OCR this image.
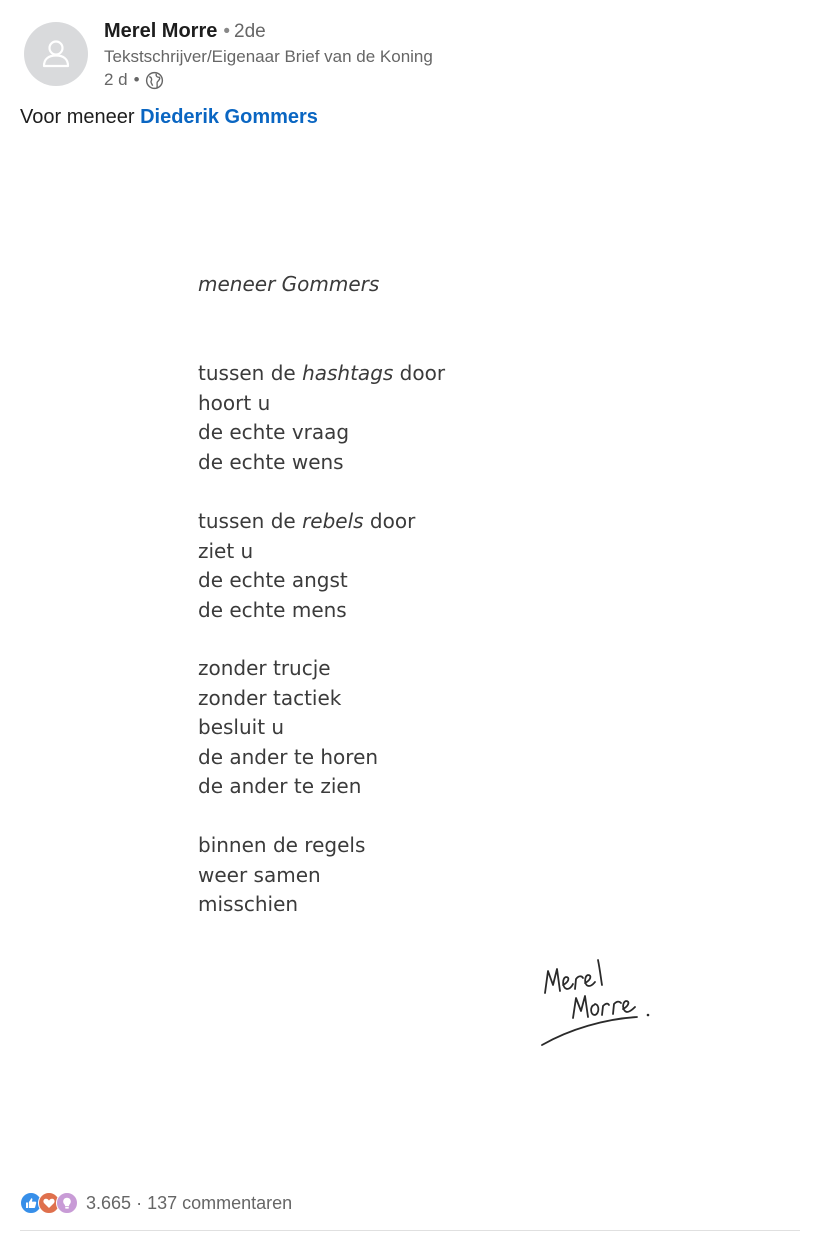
Merel Morre • 2de
Tekstschrijver/Eigenaar Brief van de Koning
2 d •
Voor meneer Diederik Gommers
meneer Gommers
tussen de hashtags door
hoort u
de echte vraag
de echte wens
tussen de rebels door
ziet u
de echte angst
de echte mens
zonder trucje
zonder tactiek
besluit u
de ander te horen
de ander te zien
binnen de regels
weer samen
misschien
3.665 · 137 commentaren
